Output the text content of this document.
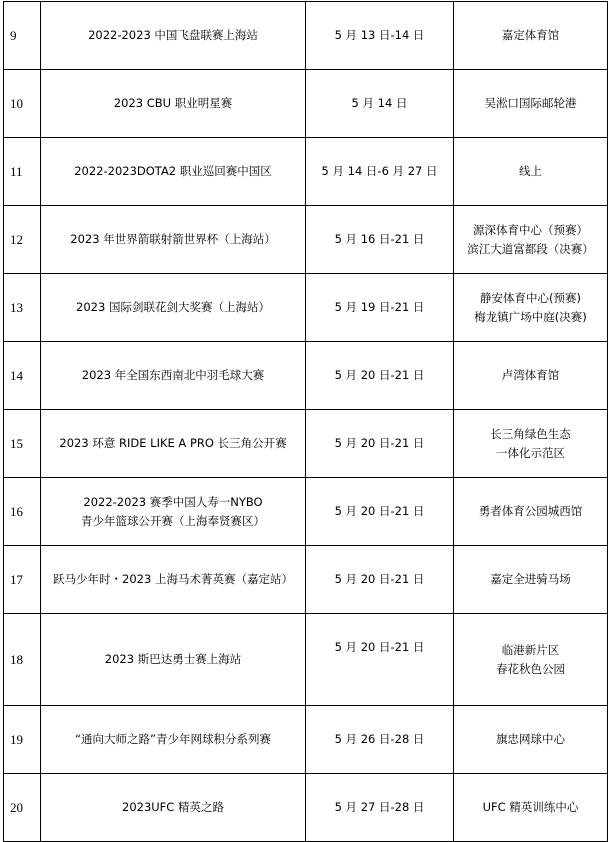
9	2022-2023 中国飞盘联赛上海站	5 月 13 日-14 日	嘉定体育馆

10	2023 CBU 职业明星赛	5 月 14 日	吴淞口国际邮轮港

11	2022-2023DOTA2 职业巡回赛中国区	5 月 14 日-6 月 27 日	线上

12	2023 年世界箭联射箭世界杯（上海站）	5 月 16 日-21 日	源深体育中心（预赛）
滨江大道富都段（决赛）

13	2023 国际剑联花剑大奖赛（上海站）	5 月 19 日-21 日	静安体育中心(预赛)
梅龙镇广场中庭(决赛)

14	2023 年全国东西南北中羽毛球大赛	5 月 20 日-21 日	卢湾体育馆

15	2023 环意 RIDE LIKE A PRO 长三角公开赛	5 月 20 日-21 日	长三角绿色生态
一体化示范区

16	2022-2023 赛季中国人寿一NYBO
青少年篮球公开赛（上海奉贤赛区）	5 月 20 日-21 日	勇者体育公园城西馆

17	跃马少年时・2023 上海马术菁英赛（嘉定站）	5 月 20 日-21 日	嘉定全进骑马场

18	2023 斯巴达勇士赛上海站	5 月 20 日-21 日	临港新片区
春花秋色公园

19	“通向大师之路”青少年网球积分系列赛	5 月 26 日-28 日	旗忠网球中心

20	2023UFC 精英之路	5 月 27 日-28 日	UFC 精英训练中心
